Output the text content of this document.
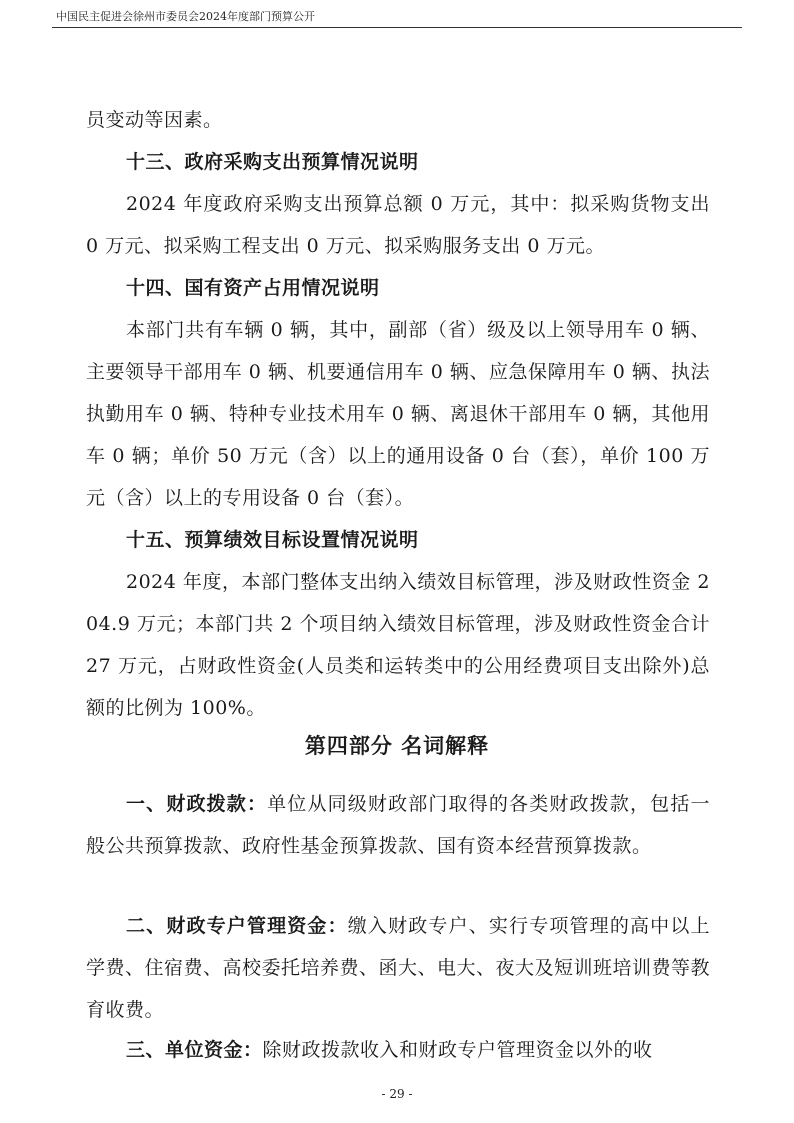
中国民主促进会徐州市委员会2024年度部门预算公开

员变动等因素。

十三、政府采购支出预算情况说明

2024 年度政府采购支出预算总额 0 万元，其中：拟采购货物支出 0 万元、拟采购工程支出 0 万元、拟采购服务支出 0 万元。

十四、国有资产占用情况说明

本部门共有车辆 0 辆，其中，副部（省）级及以上领导用车 0 辆、主要领导干部用车 0 辆、机要通信用车 0 辆、应急保障用车 0 辆、执法执勤用车 0 辆、特种专业技术用车 0 辆、离退休干部用车 0 辆，其他用车 0 辆；单价 50 万元（含）以上的通用设备 0 台（套），单价 100 万元（含）以上的专用设备 0 台（套）。

十五、预算绩效目标设置情况说明

2024 年度，本部门整体支出纳入绩效目标管理，涉及财政性资金 204.9 万元；本部门共 2 个项目纳入绩效目标管理，涉及财政性资金合计 27 万元，占财政性资金(人员类和运转类中的公用经费项目支出除外)总额的比例为 100%。

第四部分 名词解释

一、财政拨款：单位从同级财政部门取得的各类财政拨款，包括一般公共预算拨款、政府性基金预算拨款、国有资本经营预算拨款。

二、财政专户管理资金：缴入财政专户、实行专项管理的高中以上学费、住宿费、高校委托培养费、函大、电大、夜大及短训班培训费等教育收费。

三、单位资金：除财政拨款收入和财政专户管理资金以外的收

- 29 -
